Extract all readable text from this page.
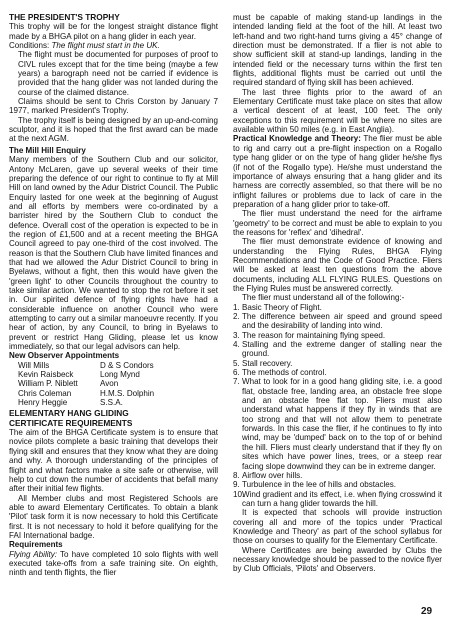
THE PRESIDENT'S TROPHY

This trophy will be for the longest straight distance flight made by a BHGA pilot on a hang glider in each year.

Conditions: The flight must start in the UK.

The flight must be documented for purposes of proof to CIVL rules except that for the time being (maybe a few years) a barograph need not be carried if evidence is provided that the hang glider was not landed during the course of the claimed distance.

Claims should be sent to Chris Corston by January 7 1977, marked President's Trophy.

The trophy itself is being designed by an up-and-coming sculptor, and it is hoped that the first award can be made at the next AGM.

The Mill Hill Enquiry

Many members of the Southern Club and our solicitor, Antony McLaren, gave up several weeks of their time preparing the defence of our right to continue to fly at Mill Hill on land owned by the Adur District Council. The Public Enquiry lasted for one week at the beginning of August and all efforts by members were co-ordinated by a barrister hired by the Southern Club to conduct the defence. Overall cost of the operation is expected to be in the region of £1,500 and at a recent meeting the BHGA Council agreed to pay one-third of the cost involved. The reason is that the Southern Club have limited finances and that had we allowed the Adur District Council to bring in Byelaws, without a fight, then this would have given the 'green light' to other Councils throughout the country to take similar action. We wanted to stop the rot before it set in. Our spirited defence of flying rights have had a considerable influence on another Council who were attempting to carry out a similar manoeuvre recently. If you hear of action, by any Council, to bring in Byelaws to prevent or restrict Hang Gliding, please let us know immediately, so that our legal advisors can help.

New Observer Appointments
Will Mills	D & S Condors
Kevin Raisbeck	Long Mynd
William P. Niblett	Avon
Chris Coleman	H.M.S. Dolphin
Henry Heggie	S.S.A.
ELEMENTARY HANG GLIDING
CERTIFICATE REQUIREMENTS

The aim of the BHGA Certificate system is to ensure that novice pilots complete a basic training that develops their flying skill and ensures that they know what they are doing and why. A thorough understanding of the principles of flight and what factors make a site safe or otherwise, will help to cut down the number of accidents that befall many after their initial few flights.

All Member clubs and most Registered Schools are able to award Elementary Certificates. To obtain a blank 'Pilot' task form it is now necessary to hold this Certificate first. It is not necessary to hold it before qualifying for the FAI International badge.

Requirements

Flying Ability: To have completed 10 solo flights with well executed take-offs from a safe training site. On eighth, ninth and tenth flights, the flier

must be capable of making stand-up landings in the intended landing field at the foot of the hill. At least two left-hand and two right-hand turns giving a 45° change of direction must be demonstrated. If a flier is not able to show sufficient skill at stand-up landings, landing in the intended field or the necessary turns within the first ten flights, additional flights must be carried out until the required standard of flying skill has been achieved.

The last three flights prior to the award of an Elementary Certificate must take place on sites that allow a vertical descent of at least, 100 feet. The only exceptions to this requirement will be where no sites are available within 50 miles (e.g. in East Anglia).

Practical Knowledge and Theory: The flier must be able to rig and carry out a pre-flight inspection on a Rogallo type hang glider or on the type of hang glider he/she flys (if not of the Rogallo type). He/she must understand the importance of always ensuring that a hang glider and its harness are correctly assembled, so that there will be no inflight failures or problems due to lack of care in the preparation of a hang glider prior to take-off.

The flier must understand the need for the airframe 'geometry' to be correct and must be able to explain to you the reasons for 'reflex' and 'dihedral'.

The flier must demonstrate evidence of knowing and understanding the Flying Rules, BHGA Flying Recommendations and the Code of Good Practice. Fliers will be asked at least ten questions from the above documents, including ALL FLYING RULES. Questions on the Flying Rules must be answered correctly.

The flier must understand all of the following:-

1. Basic Theory of Flight.
2. The difference between air speed and ground speed and the desirability of landing into wind.
3. The reason for maintaining flying speed.
4. Stalling and the extreme danger of stalling near the ground.
5. Stall recovery.
6. The methods of control.
7. What to look for in a good hang gliding site, i.e. a good flat, obstacle free, landing area, an obstacle free slope and an obstacle free flat top. Fliers must also understand what happens if they fly in winds that are too strong and that will not allow them to penetrate forwards. In this case the flier, if he continues to fly into wind, may be 'dumped' back on to the top of or behind the hill. Fliers must clearly understand that if they fly on sites which have power lines, trees, or a steep rear facing slope downwind they can be in extreme danger.
8. Airflow over hills.
9. Turbulence in the lee of hills and obstacles.
10.
Wind gradient and its effect, i.e. when flying crosswind it can turn a hang glider towards the hill.

It is expected that schools will provide instruction covering all and more of the topics under 'Practical Knowledge and Theory' as part of the school syllabus for those on courses to qualify for the Elementary Certificate.

Where Certificates are being awarded by Clubs the necessary knowledge should be passed to the novice flyer by Club Officials, 'Pilots' and Observers.

29
